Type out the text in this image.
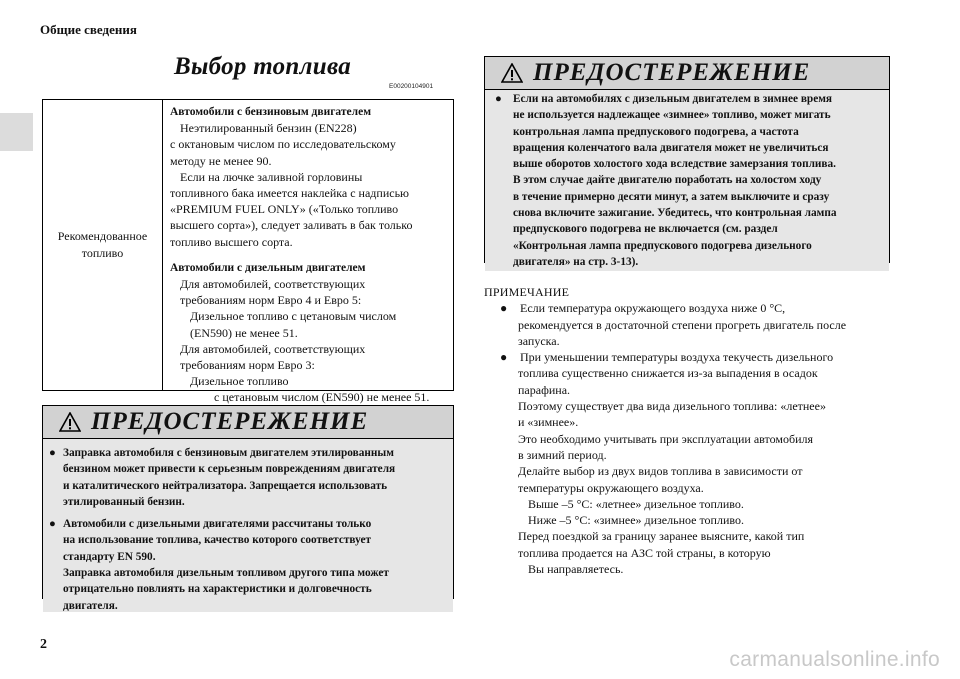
Общие сведения
Выбор топлива
E00200104901
Рекомендованное топливо
Автомобили с бензиновым двигателем
Неэтилированный бензин (EN228)
с октановым числом по исследовательскому
методу не менее 90.
Если на лючке заливной горловины
топливного бака имеется наклейка с надписью
«PREMIUM FUEL ONLY» («Только топливо
высшего сорта»), следует заливать в бак только
топливо высшего сорта.
Автомобили с дизельным двигателем
Для автомобилей, соответствующих
требованиям норм Евро 4 и Евро 5:
Дизельное топливо с цетановым числом
(EN590) не менее 51.
Для автомобилей, соответствующих
требованиям норм Евро 3:
Дизельное топливо
с цетановым числом (EN590) не менее 51.
ПРЕДОСТЕРЕЖЕНИЕ
● Заправка автомобиля с бензиновым двигателем этилированным
бензином может привести к серьезным повреждениям двигателя
и каталитического нейтрализатора. Запрещается использовать
этилированный бензин.
● Автомобили с дизельными двигателями рассчитаны только
на использование топлива, качество которого соответствует
стандарту EN 590.
Заправка автомобиля дизельным топливом другого типа может
отрицательно повлиять на характеристики и долговечность
двигателя.
ПРЕДОСТЕРЕЖЕНИЕ
● Если на автомобилях с дизельным двигателем в зимнее время
не используется надлежащее «зимнее» топливо, может мигать
контрольная лампа предпускового подогрева, а частота
вращения коленчатого вала двигателя может не увеличиться
выше оборотов холостого хода вследствие замерзания топлива.
В этом случае дайте двигателю поработать на холостом ходу
в течение примерно десяти минут, а затем выключите и сразу
снова включите зажигание. Убедитесь, что контрольная лампа
предпускового подогрева не включается (см. раздел
«Контрольная лампа предпускового подогрева дизельного
двигателя» на стр. 3-13).
ПРИМЕЧАНИЕ
● Если температура окружающего воздуха ниже 0 °C,
рекомендуется в достаточной степени прогреть двигатель после
запуска.
● При уменьшении температуры воздуха текучесть дизельного
топлива существенно снижается из-за выпадения в осадок
парафина.
Поэтому существует два вида дизельного топлива: «летнее»
и «зимнее».
Это необходимо учитывать при эксплуатации автомобиля
в зимний период.
Делайте выбор из двух видов топлива в зависимости от
температуры окружающего воздуха.
Выше –5 °C: «летнее» дизельное топливо.
Ниже –5 °C: «зимнее» дизельное топливо.
Перед поездкой за границу заранее выясните, какой тип
топлива продается на АЗС той страны, в которую
Вы направляетесь.
2
carmanualsonline.info
